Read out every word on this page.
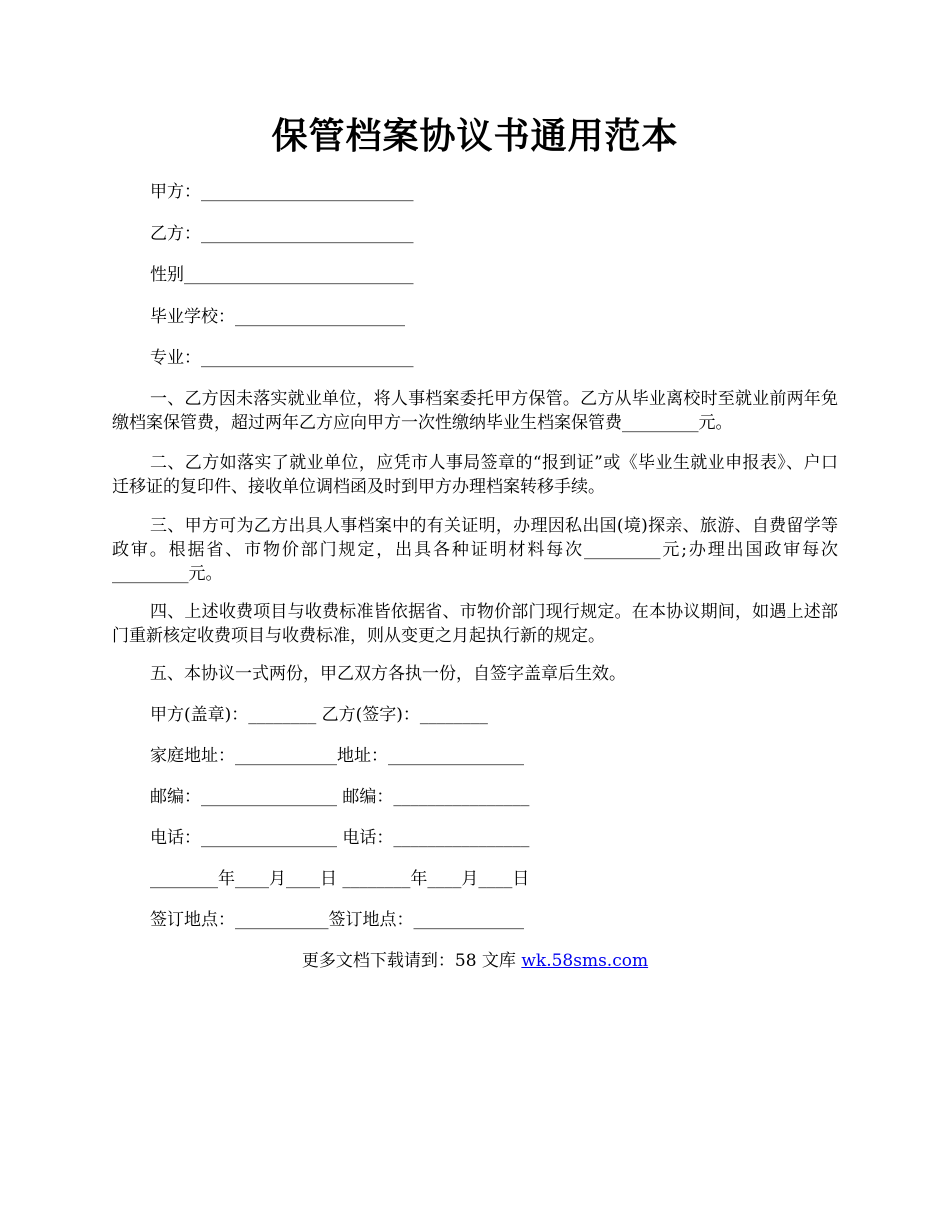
保管档案协议书通用范本
甲方：_________________________
乙方：_________________________
性别___________________________
毕业学校：____________________
专业：_________________________
一、乙方因未落实就业单位，将人事档案委托甲方保管。乙方从毕业离校时至就业前两年免缴档案保管费，超过两年乙方应向甲方一次性缴纳毕业生档案保管费_________元。
二、乙方如落实了就业单位，应凭市人事局签章的“报到证”或《毕业生就业申报表》、户口迁移证的复印件、接收单位调档函及时到甲方办理档案转移手续。
三、甲方可为乙方出具人事档案中的有关证明，办理因私出国(境)探亲、旅游、自费留学等政审。根据省、市物价部门规定，出具各种证明材料每次_________元;办理出国政审每次_________元。
四、上述收费项目与收费标准皆依据省、市物价部门现行规定。在本协议期间，如遇上述部门重新核定收费项目与收费标准，则从变更之月起执行新的规定。
五、本协议一式两份，甲乙双方各执一份，自签字盖章后生效。
甲方(盖章)：________ 乙方(签字)：________
家庭地址：____________地址：________________
邮编：________________ 邮编：________________
电话：________________ 电话：________________
________年____月____日 ________年____月____日
签订地点：___________签订地点：_____________
更多文档下载请到：58 文库 wk.58sms.com
